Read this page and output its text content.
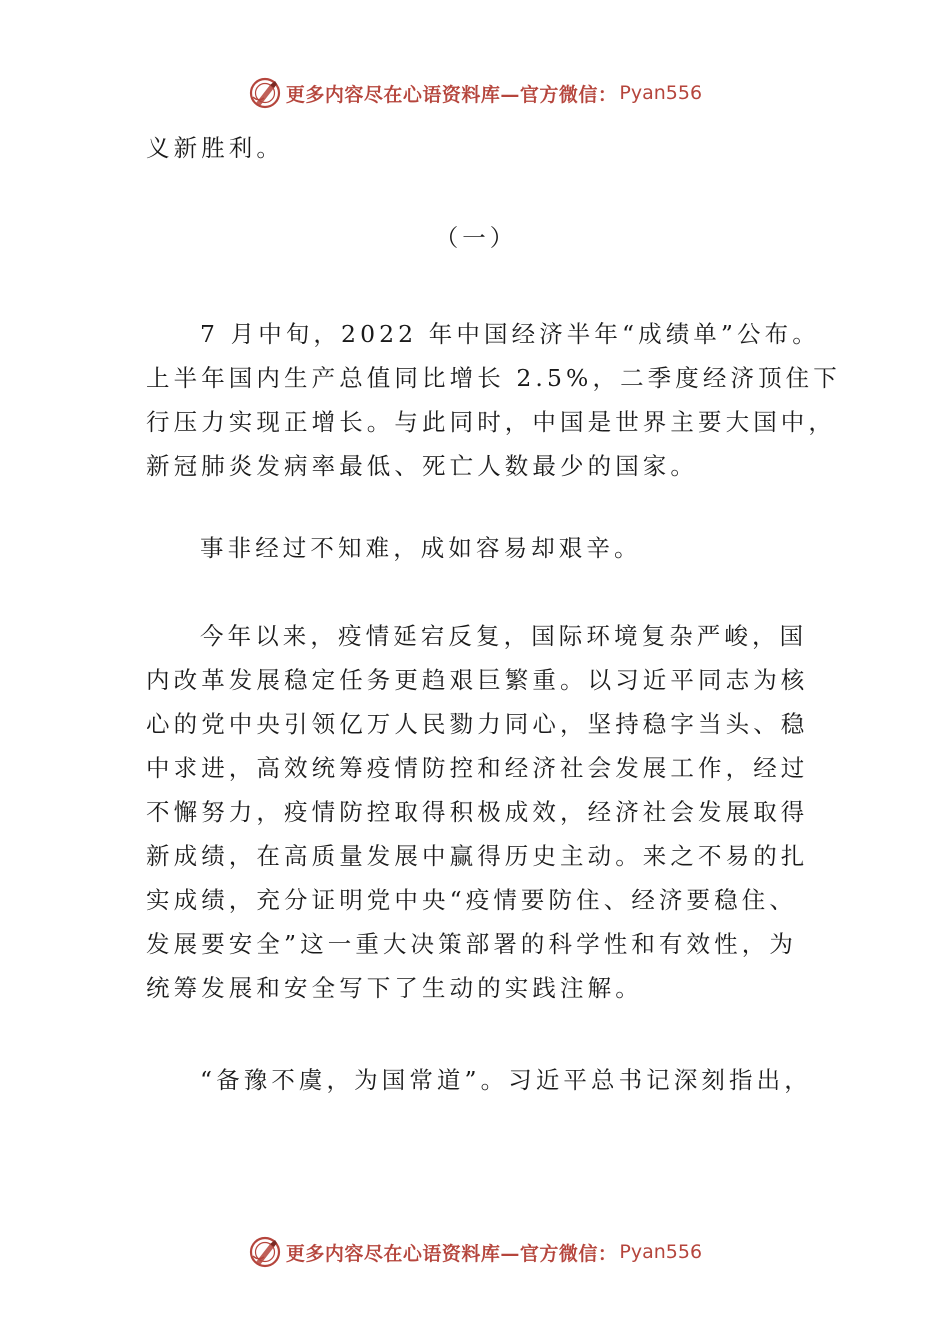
更多内容尽在心语资料库—官方微信： Pyan556

义新胜利。

（一）

7 月中旬，2022 年中国经济半年“成绩单”公布。

上半年国内生产总值同比增长 2.5%，二季度经济顶住下

行压力实现正增长。与此同时，中国是世界主要大国中，

新冠肺炎发病率最低、死亡人数最少的国家。

事非经过不知难，成如容易却艰辛。

今年以来，疫情延宕反复，国际环境复杂严峻，国

内改革发展稳定任务更趋艰巨繁重。以习近平同志为核

心的党中央引领亿万人民勠力同心，坚持稳字当头、稳

中求进，高效统筹疫情防控和经济社会发展工作，经过

不懈努力，疫情防控取得积极成效，经济社会发展取得

新成绩，在高质量发展中赢得历史主动。来之不易的扎

实成绩，充分证明党中央“疫情要防住、经济要稳住、

发展要安全”这一重大决策部署的科学性和有效性，为

统筹发展和安全写下了生动的实践注解。

“备豫不虞，为国常道”。习近平总书记深刻指出，

更多内容尽在心语资料库—官方微信： Pyan556
